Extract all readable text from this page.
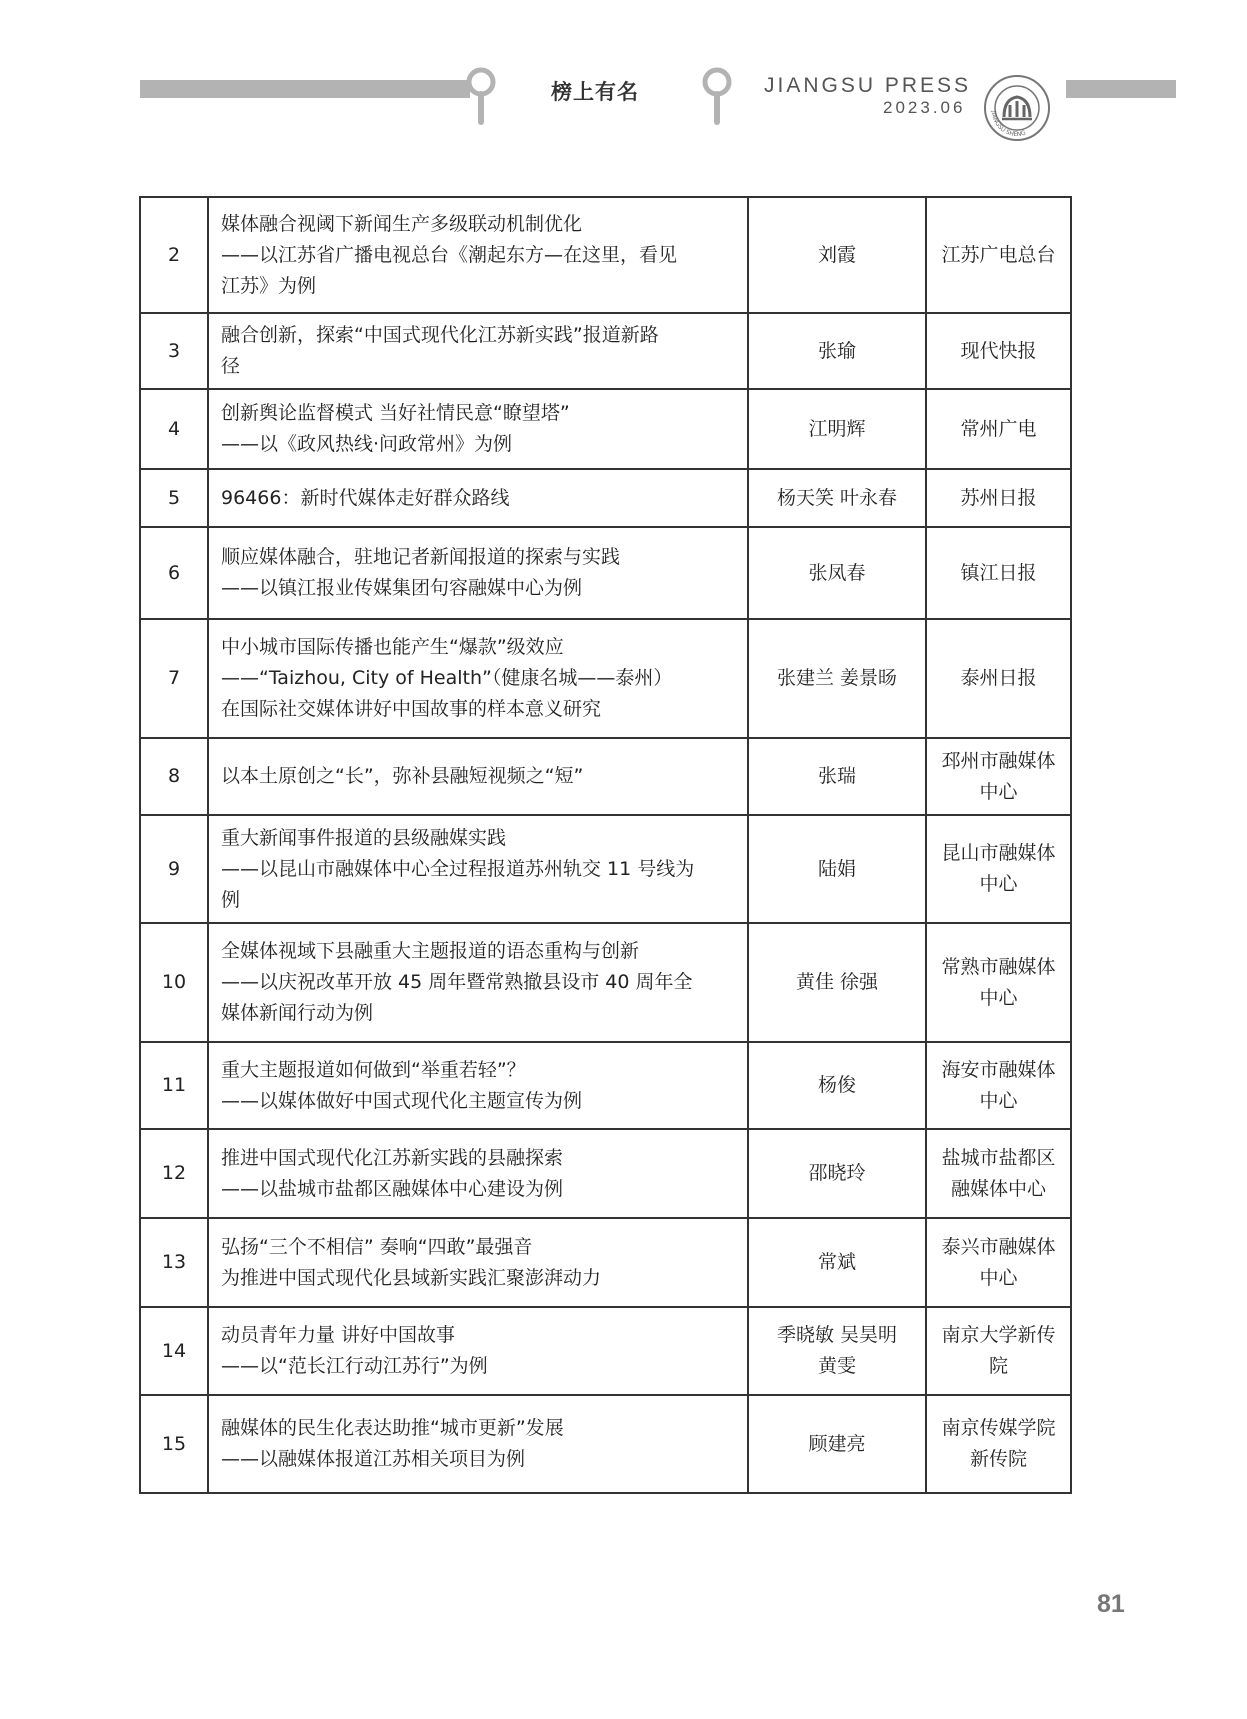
榜上有名	JIANGSU PRESS
2023.06	JIANGSU SHENG
2	媒体融合视阈下新闻生产多级联动机制优化
——以江苏省广播电视总台《潮起东方—在这里，看见
江苏》为例	刘霞	江苏广电总台

3	融合创新，探索“中国式现代化江苏新实践”报道新路
径	张瑜	现代快报

4	创新舆论监督模式 当好社情民意“瞭望塔”
——以《政风热线·问政常州》为例	江明辉	常州广电

5	96466：新时代媒体走好群众路线	杨天笑 叶永春	苏州日报

6	顺应媒体融合，驻地记者新闻报道的探索与实践
——以镇江报业传媒集团句容融媒中心为例	张凤春	镇江日报

7	中小城市国际传播也能产生“爆款”级效应
——“Taizhou, City of Health”（健康名城——泰州）
在国际社交媒体讲好中国故事的样本意义研究	张建兰 姜景旸	泰州日报

8	以本土原创之“长”，弥补县融短视频之“短”	张瑞	邳州市融媒体
中心

9	重大新闻事件报道的县级融媒实践
——以昆山市融媒体中心全过程报道苏州轨交 11 号线为
例	陆娟	昆山市融媒体
中心

10	全媒体视域下县融重大主题报道的语态重构与创新
——以庆祝改革开放 45 周年暨常熟撤县设市 40 周年全
媒体新闻行动为例	黄佳 徐强	常熟市融媒体
中心

11	重大主题报道如何做到“举重若轻”？
——以媒体做好中国式现代化主题宣传为例	杨俊	海安市融媒体
中心

12	推进中国式现代化江苏新实践的县融探索
——以盐城市盐都区融媒体中心建设为例	邵晓玲	盐城市盐都区
融媒体中心

13	弘扬“三个不相信” 奏响“四敢”最强音
为推进中国式现代化县域新实践汇聚澎湃动力	常斌	泰兴市融媒体
中心

14	动员青年力量 讲好中国故事
——以“范长江行动江苏行”为例	季晓敏 吴昊明
黄雯	南京大学新传
院

15	融媒体的民生化表达助推“城市更新”发展
——以融媒体报道江苏相关项目为例	顾建亮	南京传媒学院
新传院
81
